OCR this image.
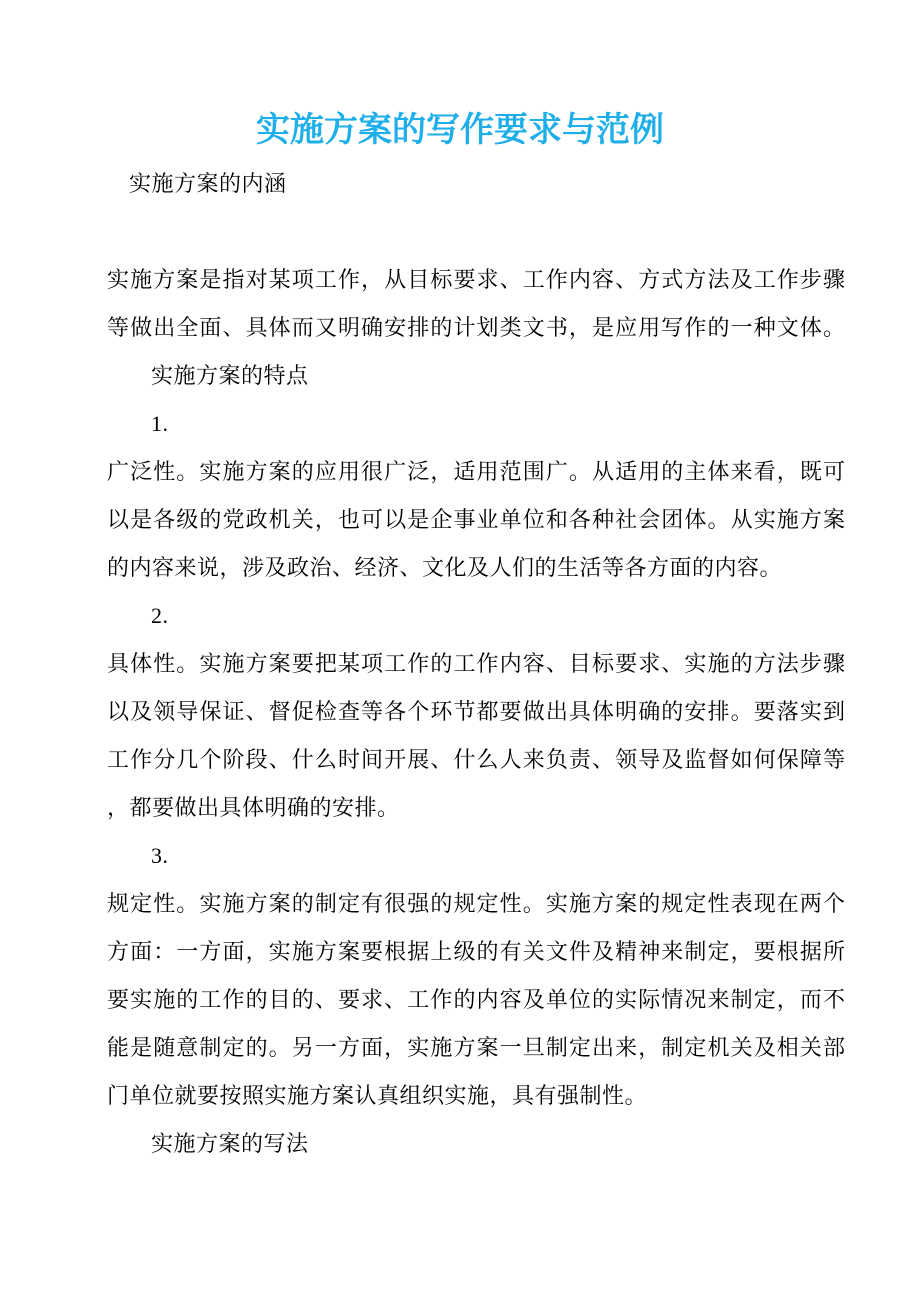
实施方案的写作要求与范例
实施方案的内涵
实施方案是指对某项工作，从目标要求、工作内容、方式方法及工作步骤
等做出全面、具体而又明确安排的计划类文书，是应用写作的一种文体。
实施方案的特点
1.
广泛性。实施方案的应用很广泛，适用范围广。从适用的主体来看，既可
以是各级的党政机关，也可以是企事业单位和各种社会团体。从实施方案
的内容来说，涉及政治、经济、文化及人们的生活等各方面的内容。
2.
具体性。实施方案要把某项工作的工作内容、目标要求、实施的方法步骤
以及领导保证、督促检查等各个环节都要做出具体明确的安排。要落实到
工作分几个阶段、什么时间开展、什么人来负责、领导及监督如何保障等
，都要做出具体明确的安排。
3.
规定性。实施方案的制定有很强的规定性。实施方案的规定性表现在两个
方面：一方面，实施方案要根据上级的有关文件及精神来制定，要根据所
要实施的工作的目的、要求、工作的内容及单位的实际情况来制定，而不
能是随意制定的。另一方面，实施方案一旦制定出来，制定机关及相关部
门单位就要按照实施方案认真组织实施，具有强制性。
实施方案的写法
